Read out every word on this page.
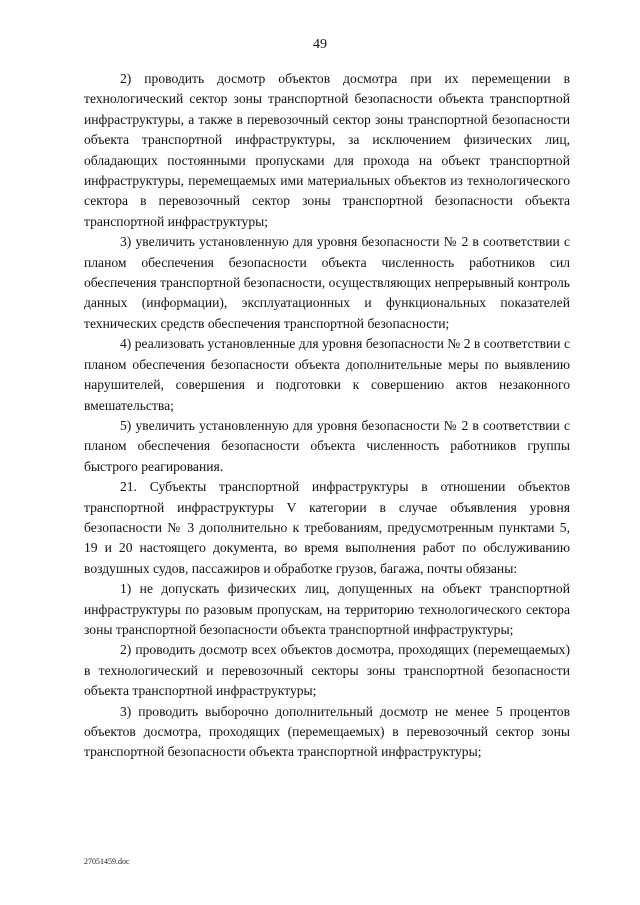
49

2) проводить досмотр объектов досмотра при их перемещении в технологический сектор зоны транспортной безопасности объекта транспортной инфраструктуры, а также в перевозочный сектор зоны транспортной безопасности объекта транспортной инфраструктуры, за исключением физических лиц, обладающих постоянными пропусками для прохода на объект транспортной инфраструктуры, перемещаемых ими материальных объектов из технологического сектора в перевозочный сектор зоны транспортной безопасности объекта транспортной инфраструктуры;

3) увеличить установленную для уровня безопасности № 2 в соответствии с планом обеспечения безопасности объекта численность работников сил обеспечения транспортной безопасности, осуществляющих непрерывный контроль данных (информации), эксплуатационных и функциональных показателей технических средств обеспечения транспортной безопасности;

4) реализовать установленные для уровня безопасности № 2 в соответствии с планом обеспечения безопасности объекта дополнительные меры по выявлению нарушителей, совершения и подготовки к совершению актов незаконного вмешательства;

5) увеличить установленную для уровня безопасности № 2 в соответствии с планом обеспечения безопасности объекта численность работников группы быстрого реагирования.

21. Субъекты транспортной инфраструктуры в отношении объектов транспортной инфраструктуры V категории в случае объявления уровня безопасности № 3 дополнительно к требованиям, предусмотренным пунктами 5, 19 и 20 настоящего документа, во время выполнения работ по обслуживанию воздушных судов, пассажиров и обработке грузов, багажа, почты обязаны:

1) не допускать физических лиц, допущенных на объект транспортной инфраструктуры по разовым пропускам, на территорию технологического сектора зоны транспортной безопасности объекта транспортной инфраструктуры;

2) проводить досмотр всех объектов досмотра, проходящих (перемещаемых) в технологический и перевозочный секторы зоны транспортной безопасности объекта транспортной инфраструктуры;

3) проводить выборочно дополнительный досмотр не менее 5 процентов объектов досмотра, проходящих (перемещаемых) в перевозочный сектор зоны транспортной безопасности объекта транспортной инфраструктуры;

27051459.doc
